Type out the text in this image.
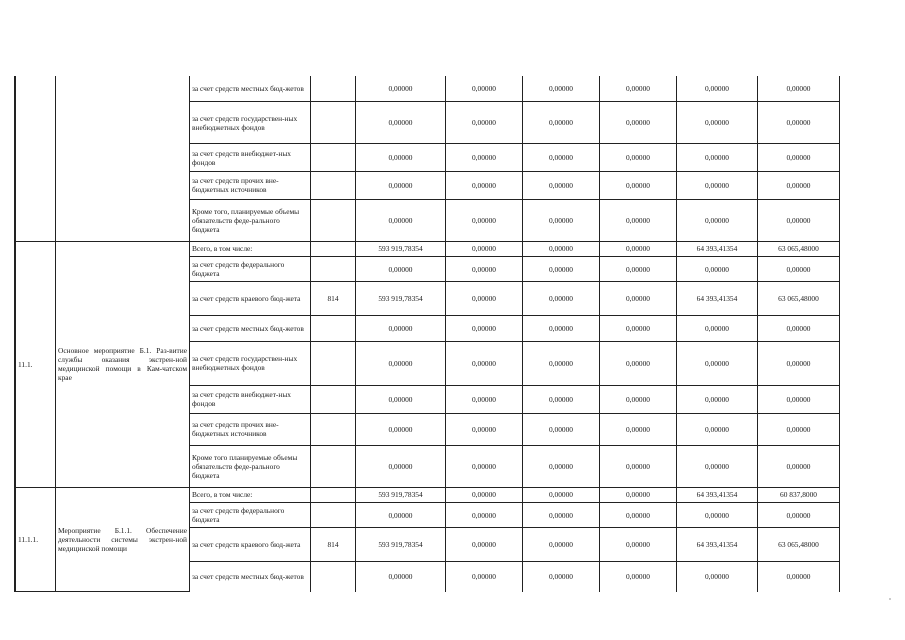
		за счет средств местных бюд-жетов		0,00000	0,00000	0,00000	0,00000	0,00000	0,00000
		за счет средств государствен-ных внебюджетных фондов		0,00000	0,00000	0,00000	0,00000	0,00000	0,00000
		за счет средств внебюджет-ных фондов		0,00000	0,00000	0,00000	0,00000	0,00000	0,00000
		за счет средств прочих вне-бюджетных источников		0,00000	0,00000	0,00000	0,00000	0,00000	0,00000
		Кроме того, планируемые объемы обязательств феде-рального бюджета		0,00000	0,00000	0,00000	0,00000	0,00000	0,00000
11.1.	Основное мероприятие Б.1. Раз-витие службы оказания экстрен-ной медицинской помощи в Кам-чатском крае	Всего, в том числе:		593 919,78354	0,00000	0,00000	0,00000	64 393,41354	63 065,48000
		за счет средств федерального бюджета		0,00000	0,00000	0,00000	0,00000	0,00000	0,00000
		за счет средств краевого бюд-жета	814	593 919,78354	0,00000	0,00000	0,00000	64 393,41354	63 065,48000
		за счет средств местных бюд-жетов		0,00000	0,00000	0,00000	0,00000	0,00000	0,00000
		за счет средств государствен-ных внебюджетных фондов		0,00000	0,00000	0,00000	0,00000	0,00000	0,00000
		за счет средств внебюджет-ных фондов		0,00000	0,00000	0,00000	0,00000	0,00000	0,00000
		за счет средств прочих вне-бюджетных источников		0,00000	0,00000	0,00000	0,00000	0,00000	0,00000
		Кроме того планируемые объемы обязательств феде-рального бюджета		0,00000	0,00000	0,00000	0,00000	0,00000	0,00000
11.1.1.	Мероприятие Б.1.1. Обеспечение деятельности системы экстрен-ной медицинской помощи	Всего, в том числе:		593 919,78354	0,00000	0,00000	0,00000	64 393,41354	60 837,8000
		за счет средств федерального бюджета		0,00000	0,00000	0,00000	0,00000	0,00000	0,00000
		за счет средств краевого бюд-жета	814	593 919,78354	0,00000	0,00000	0,00000	64 393,41354	63 065,48000
		за счет средств местных бюд-жетов		0,00000	0,00000	0,00000	0,00000	0,00000	0,00000
